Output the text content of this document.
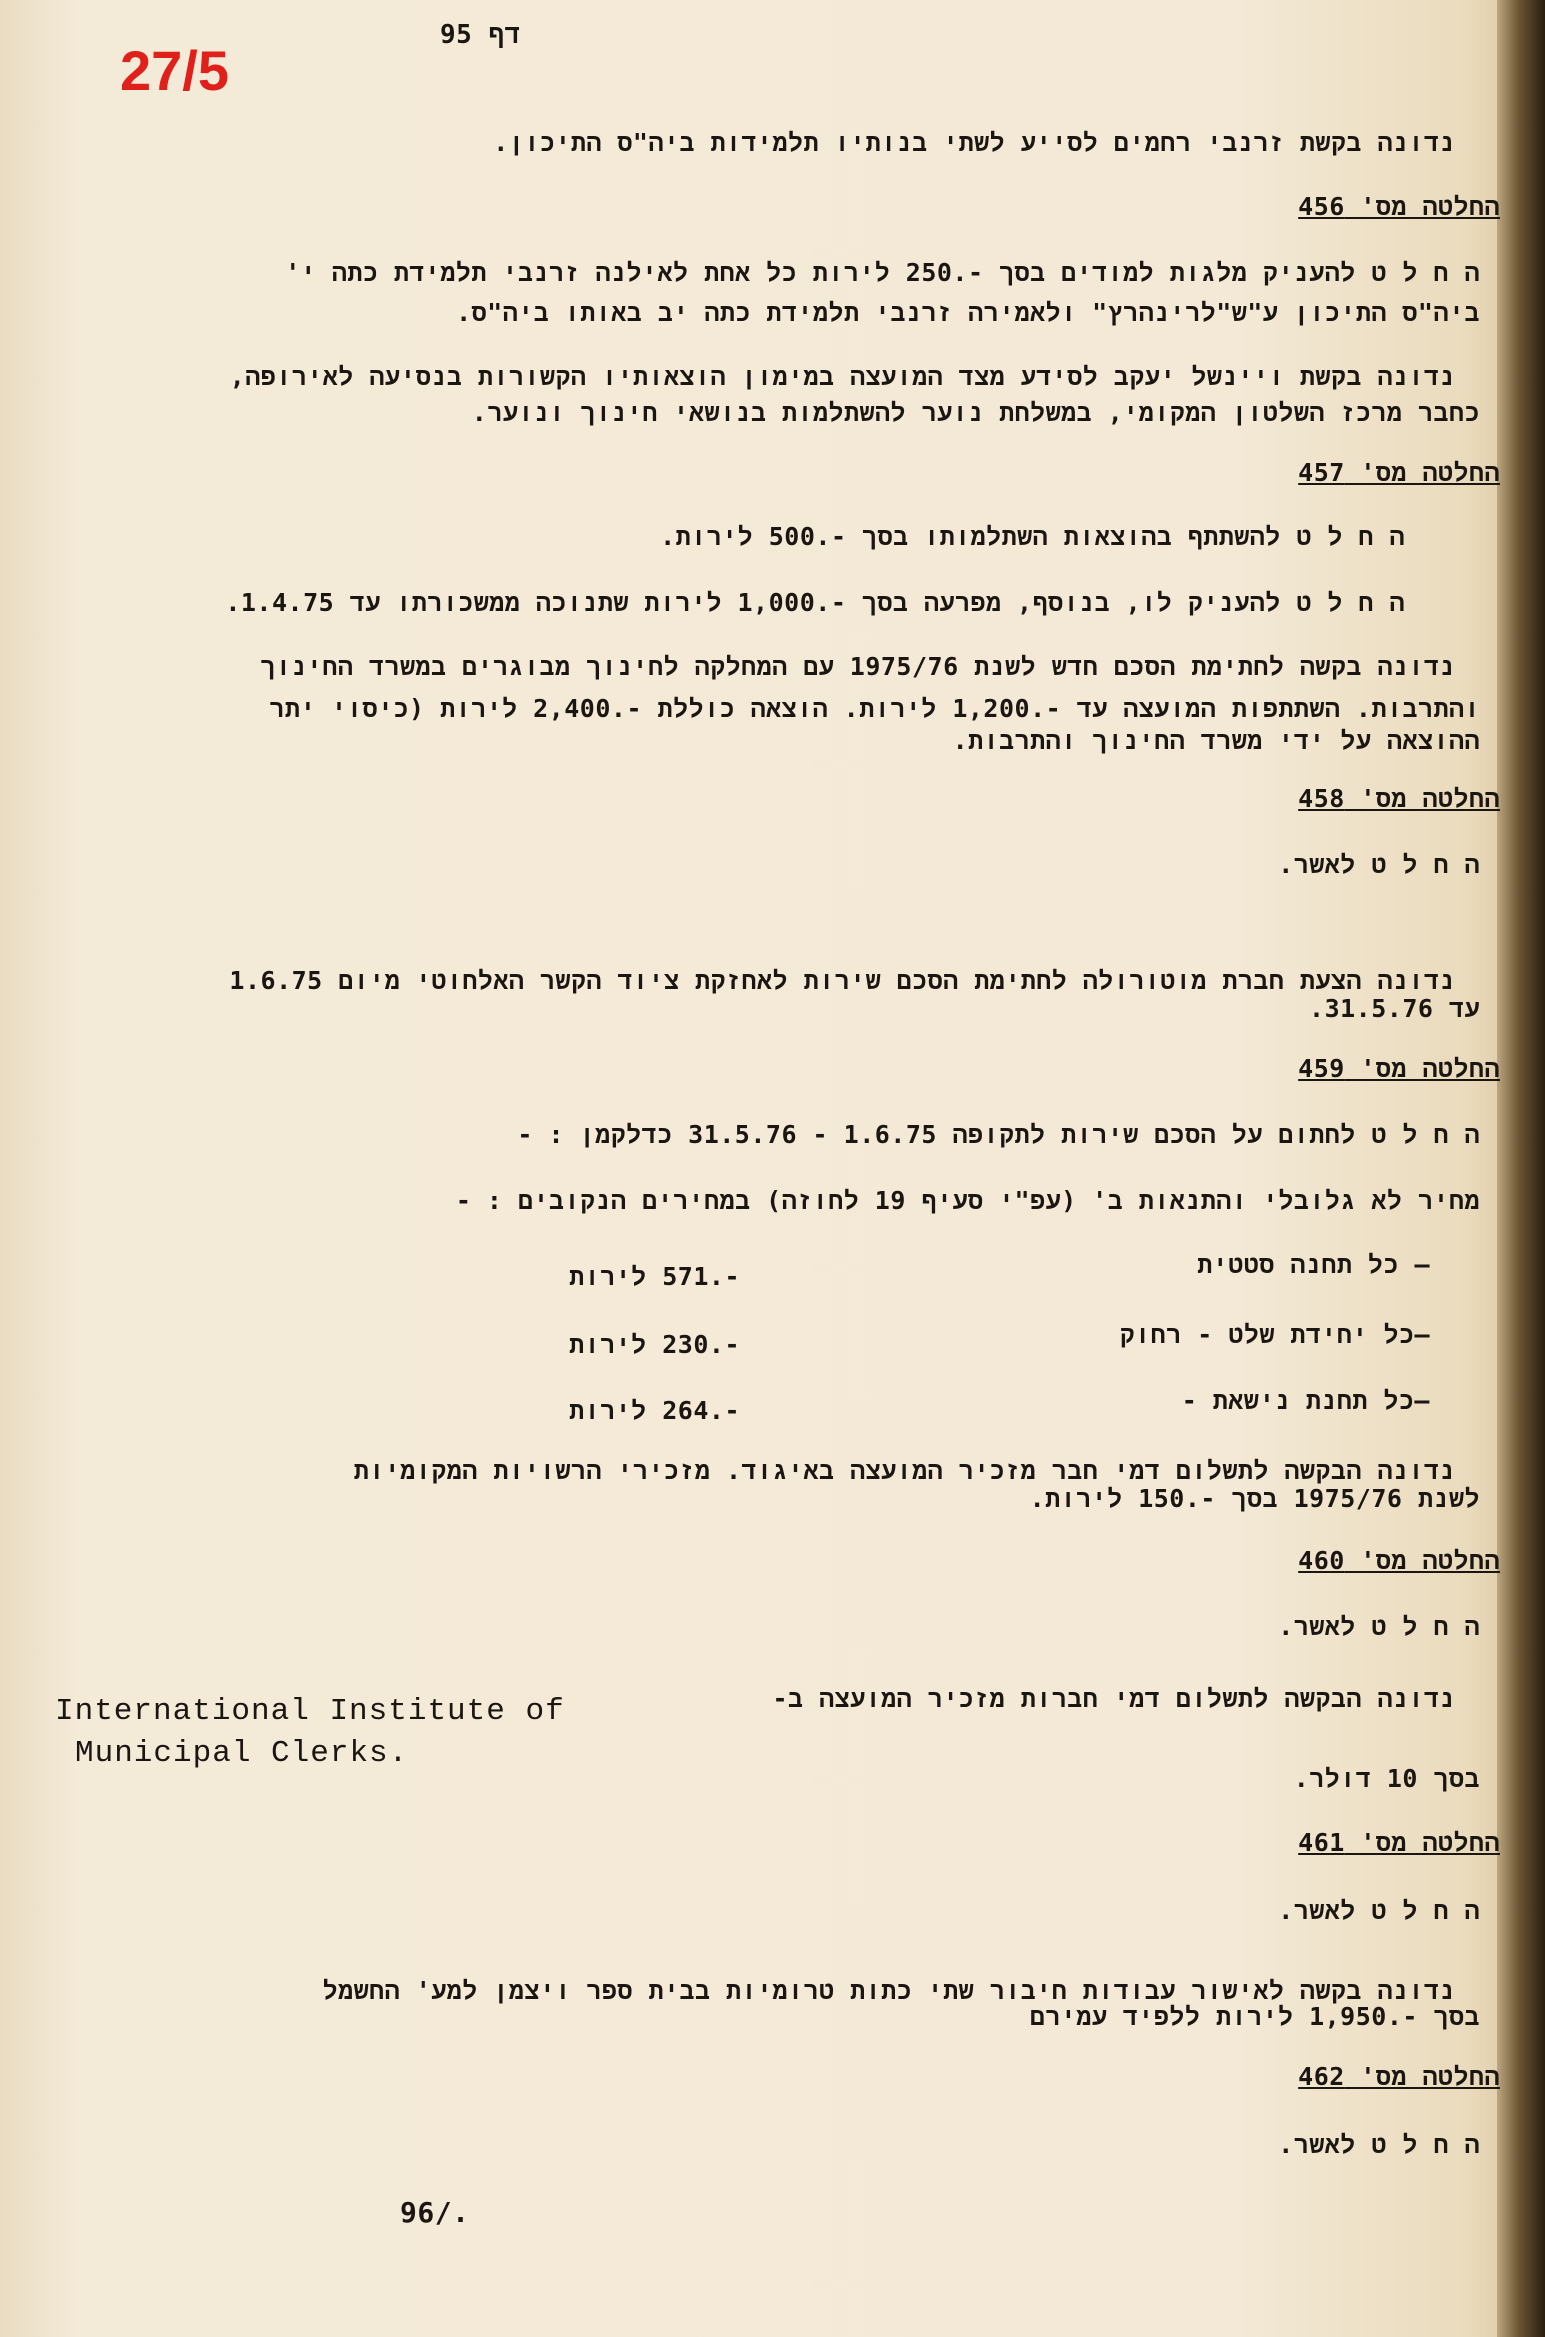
דף 95
27/5
נדונה בקשת זרנבי רחמים לסייע לשתי בנותיו תלמידות ביה"ס התיכון.
החלטה מס' 456
ה ח ל ט להעניק מלגות למודים בסך -.250 לירות כל אחת לאילנה זרנבי תלמידת כתה י'
ביה"ס התיכון ע"ש"לרינהרץ" ולאמירה זרנבי תלמידת כתה יב באותו ביה"ס.
נדונה בקשת ויינשל יעקב לסידע מצד המועצה במימון הוצאותיו הקשורות בנסיעה לאירופה,
כחבר מרכז השלטון המקומי, במשלחת נוער להשתלמות בנושאי חינוך ונוער.
החלטה מס' 457
ה ח ל ט להשתתף בהוצאות השתלמותו בסך -.500 לירות.
ה ח ל ט להעניק לו, בנוסף, מפרעה בסך -.1,000 לירות שתנוכה ממשכורתו עד 1.4.75.
נדונה בקשה לחתימת הסכם חדש לשנת 1975/76 עם המחלקה לחינוך מבוגרים במשרד החינוך
והתרבות. השתתפות המועצה עד -.1,200 לירות. הוצאה כוללת -.2,400 לירות (כיסוי יתר
ההוצאה על ידי משרד החינוך והתרבות.
החלטה מס' 458
ה ח ל ט לאשר.
נדונה הצעת חברת מוטורולה לחתימת הסכם שירות לאחזקת ציוד הקשר האלחוטי מיום 1.6.75
עד 31.5.76.
החלטה מס' 459
ה ח ל ט לחתום על הסכם שירות לתקופה 1.6.75 - 31.5.76 כדלקמן : -
מחיר לא גלובלי והתנאות ב' (עפ"י סעיף 19 לחוזה) במחירים הנקובים : -
— כל תחנה סטטית
-.571 לירות
—כל יחידת שלט - רחוק
-.230 לירות
—כל תחנת נישאת -
-.264 לירות
נדונה הבקשה לתשלום דמי חבר מזכיר המועצה באיגוד. מזכירי הרשויות המקומיות
לשנת 1975/76 בסך -.150 לירות.
החלטה מס' 460
ה ח ל ט לאשר.
נדונה הבקשה לתשלום דמי חברות מזכיר המועצה ב-
International Institute of
Municipal Clerks.
בסך 10 דולר.
החלטה מס' 461
ה ח ל ט לאשר.
נדונה בקשה לאישור עבודות חיבור שתי כתות טרומיות בבית ספר ויצמן למע' החשמל
בסך -.1,950 לירות ללפיד עמירם
החלטה מס' 462
ה ח ל ט לאשר.
96/.
